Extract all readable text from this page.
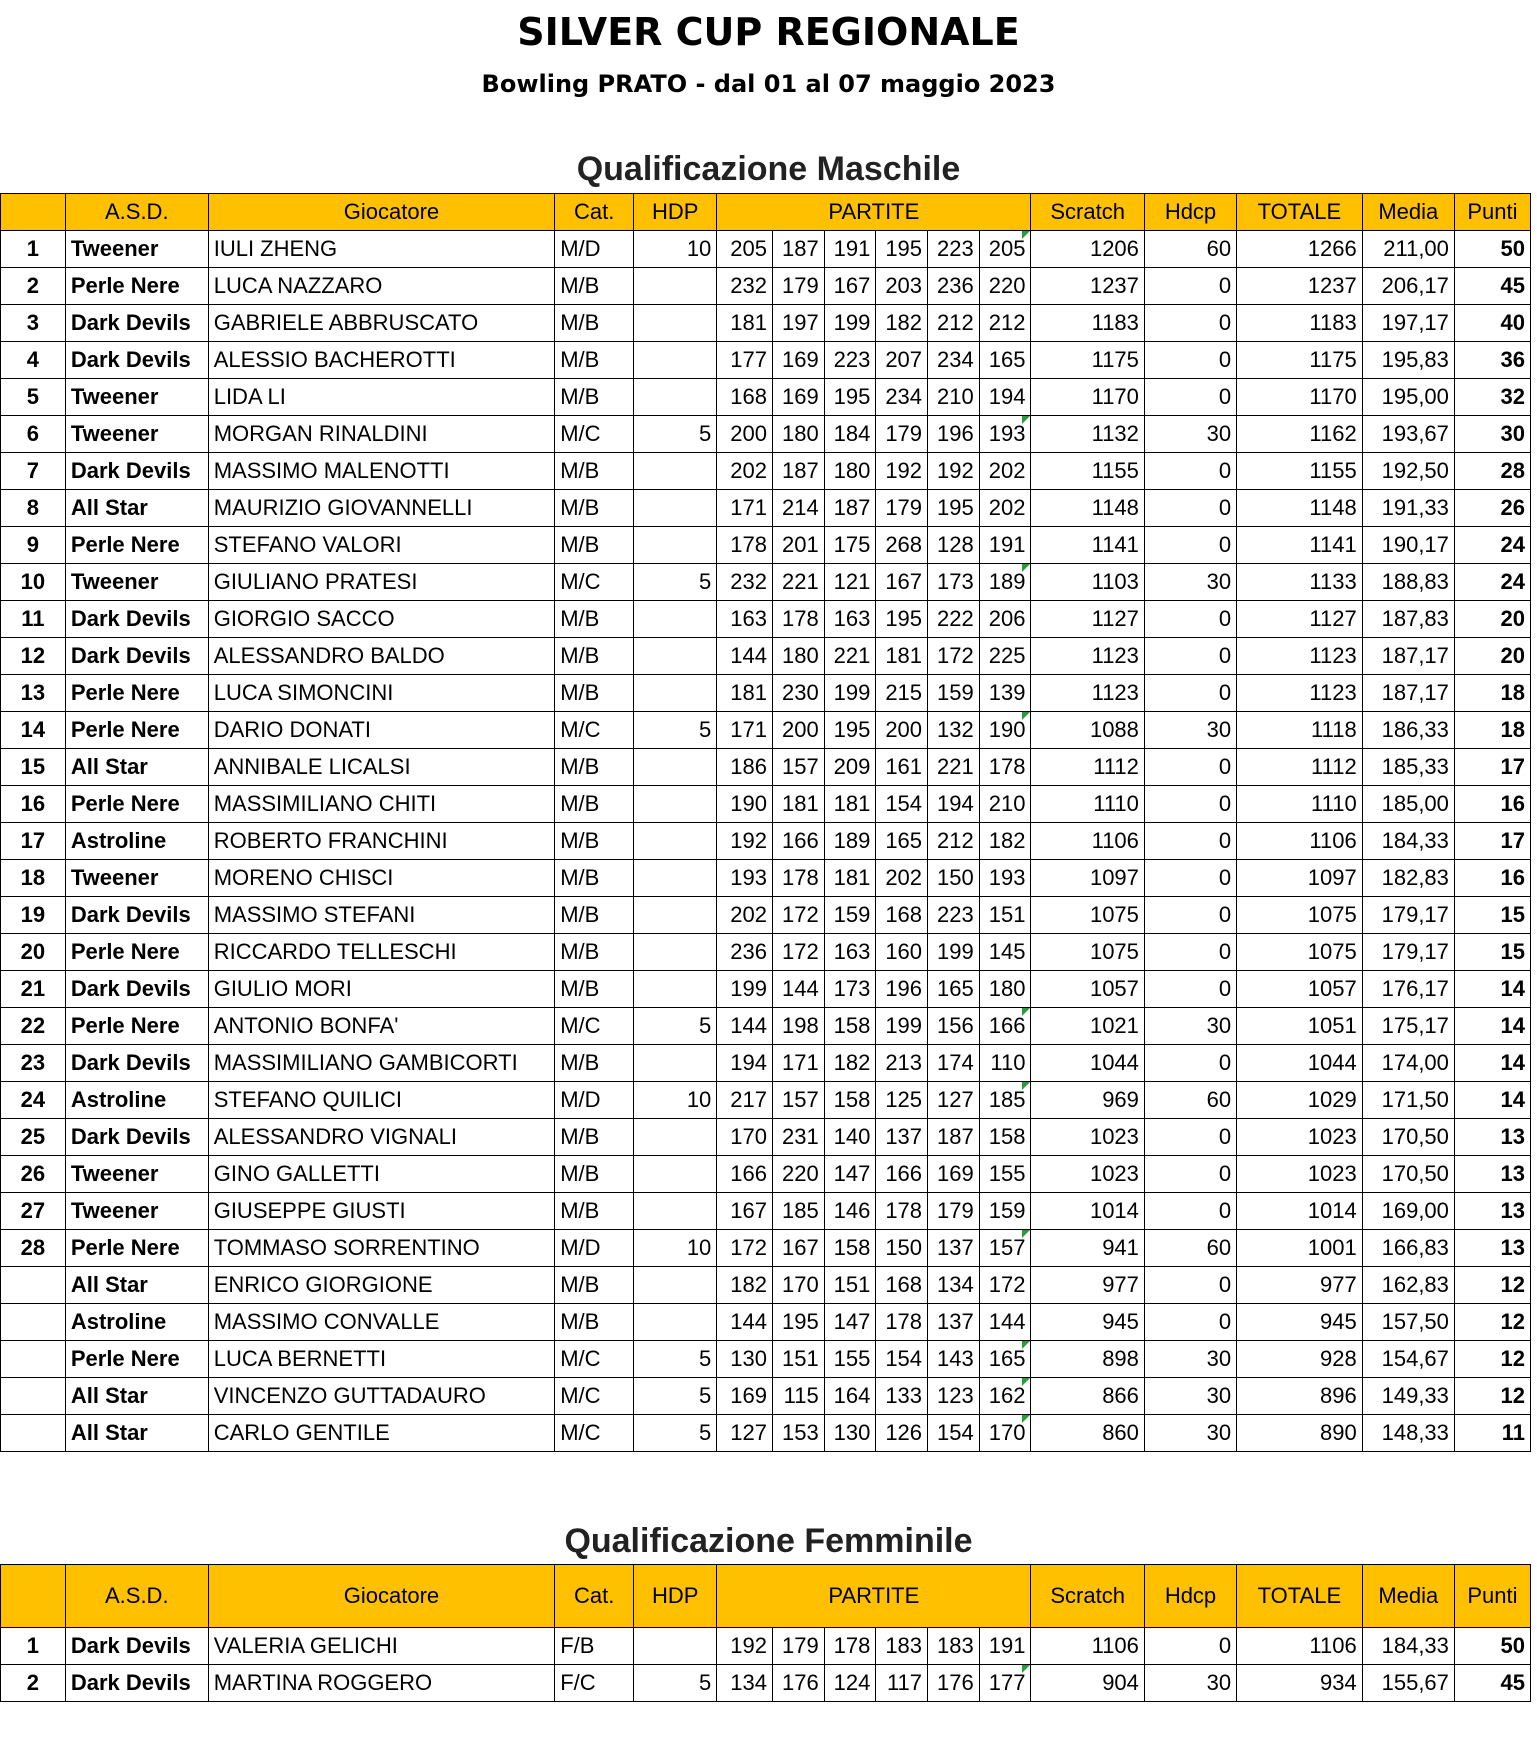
SILVER CUP REGIONALE
Bowling PRATO - dal 01 al 07 maggio 2023
Qualificazione Maschile
	A.S.D.	Giocatore	Cat.	HDP	PARTITE						Scratch	Hdcp	TOTALE	Media	Punti
1	Tweener	IULI ZHENG	M/D	10	205	187	191	195	223	205	1206	60	1266	211,00	50
2	Perle Nere	LUCA NAZZARO	M/B		232	179	167	203	236	220	1237	0	1237	206,17	45
3	Dark Devils	GABRIELE ABBRUSCATO	M/B		181	197	199	182	212	212	1183	0	1183	197,17	40
4	Dark Devils	ALESSIO BACHEROTTI	M/B		177	169	223	207	234	165	1175	0	1175	195,83	36
5	Tweener	LIDA LI	M/B		168	169	195	234	210	194	1170	0	1170	195,00	32
6	Tweener	MORGAN RINALDINI	M/C	5	200	180	184	179	196	193	1132	30	1162	193,67	30
7	Dark Devils	MASSIMO MALENOTTI	M/B		202	187	180	192	192	202	1155	0	1155	192,50	28
8	All Star	MAURIZIO GIOVANNELLI	M/B		171	214	187	179	195	202	1148	0	1148	191,33	26
9	Perle Nere	STEFANO VALORI	M/B		178	201	175	268	128	191	1141	0	1141	190,17	24
10	Tweener	GIULIANO PRATESI	M/C	5	232	221	121	167	173	189	1103	30	1133	188,83	24
11	Dark Devils	GIORGIO SACCO	M/B		163	178	163	195	222	206	1127	0	1127	187,83	20
12	Dark Devils	ALESSANDRO BALDO	M/B		144	180	221	181	172	225	1123	0	1123	187,17	20
13	Perle Nere	LUCA SIMONCINI	M/B		181	230	199	215	159	139	1123	0	1123	187,17	18
14	Perle Nere	DARIO DONATI	M/C	5	171	200	195	200	132	190	1088	30	1118	186,33	18
15	All Star	ANNIBALE LICALSI	M/B		186	157	209	161	221	178	1112	0	1112	185,33	17
16	Perle Nere	MASSIMILIANO CHITI	M/B		190	181	181	154	194	210	1110	0	1110	185,00	16
17	Astroline	ROBERTO FRANCHINI	M/B		192	166	189	165	212	182	1106	0	1106	184,33	17
18	Tweener	MORENO CHISCI	M/B		193	178	181	202	150	193	1097	0	1097	182,83	16
19	Dark Devils	MASSIMO STEFANI	M/B		202	172	159	168	223	151	1075	0	1075	179,17	15
20	Perle Nere	RICCARDO TELLESCHI	M/B		236	172	163	160	199	145	1075	0	1075	179,17	15
21	Dark Devils	GIULIO MORI	M/B		199	144	173	196	165	180	1057	0	1057	176,17	14
22	Perle Nere	ANTONIO BONFA'	M/C	5	144	198	158	199	156	166	1021	30	1051	175,17	14
23	Dark Devils	MASSIMILIANO GAMBICORTI	M/B		194	171	182	213	174	110	1044	0	1044	174,00	14
24	Astroline	STEFANO QUILICI	M/D	10	217	157	158	125	127	185	969	60	1029	171,50	14
25	Dark Devils	ALESSANDRO VIGNALI	M/B		170	231	140	137	187	158	1023	0	1023	170,50	13
26	Tweener	GINO GALLETTI	M/B		166	220	147	166	169	155	1023	0	1023	170,50	13
27	Tweener	GIUSEPPE GIUSTI	M/B		167	185	146	178	179	159	1014	0	1014	169,00	13
28	Perle Nere	TOMMASO SORRENTINO	M/D	10	172	167	158	150	137	157	941	60	1001	166,83	13
	All Star	ENRICO GIORGIONE	M/B		182	170	151	168	134	172	977	0	977	162,83	12
	Astroline	MASSIMO CONVALLE	M/B		144	195	147	178	137	144	945	0	945	157,50	12
	Perle Nere	LUCA BERNETTI	M/C	5	130	151	155	154	143	165	898	30	928	154,67	12
	All Star	VINCENZO GUTTADAURO	M/C	5	169	115	164	133	123	162	866	30	896	149,33	12
	All Star	CARLO GENTILE	M/C	5	127	153	130	126	154	170	860	30	890	148,33	11
Qualificazione Femminile
	A.S.D.	Giocatore	Cat.	HDP	PARTITE						Scratch	Hdcp	TOTALE	Media	Punti
1	Dark Devils	VALERIA GELICHI	F/B		192	179	178	183	183	191	1106	0	1106	184,33	50
2	Dark Devils	MARTINA ROGGERO	F/C	5	134	176	124	117	176	177	904	30	934	155,67	45
